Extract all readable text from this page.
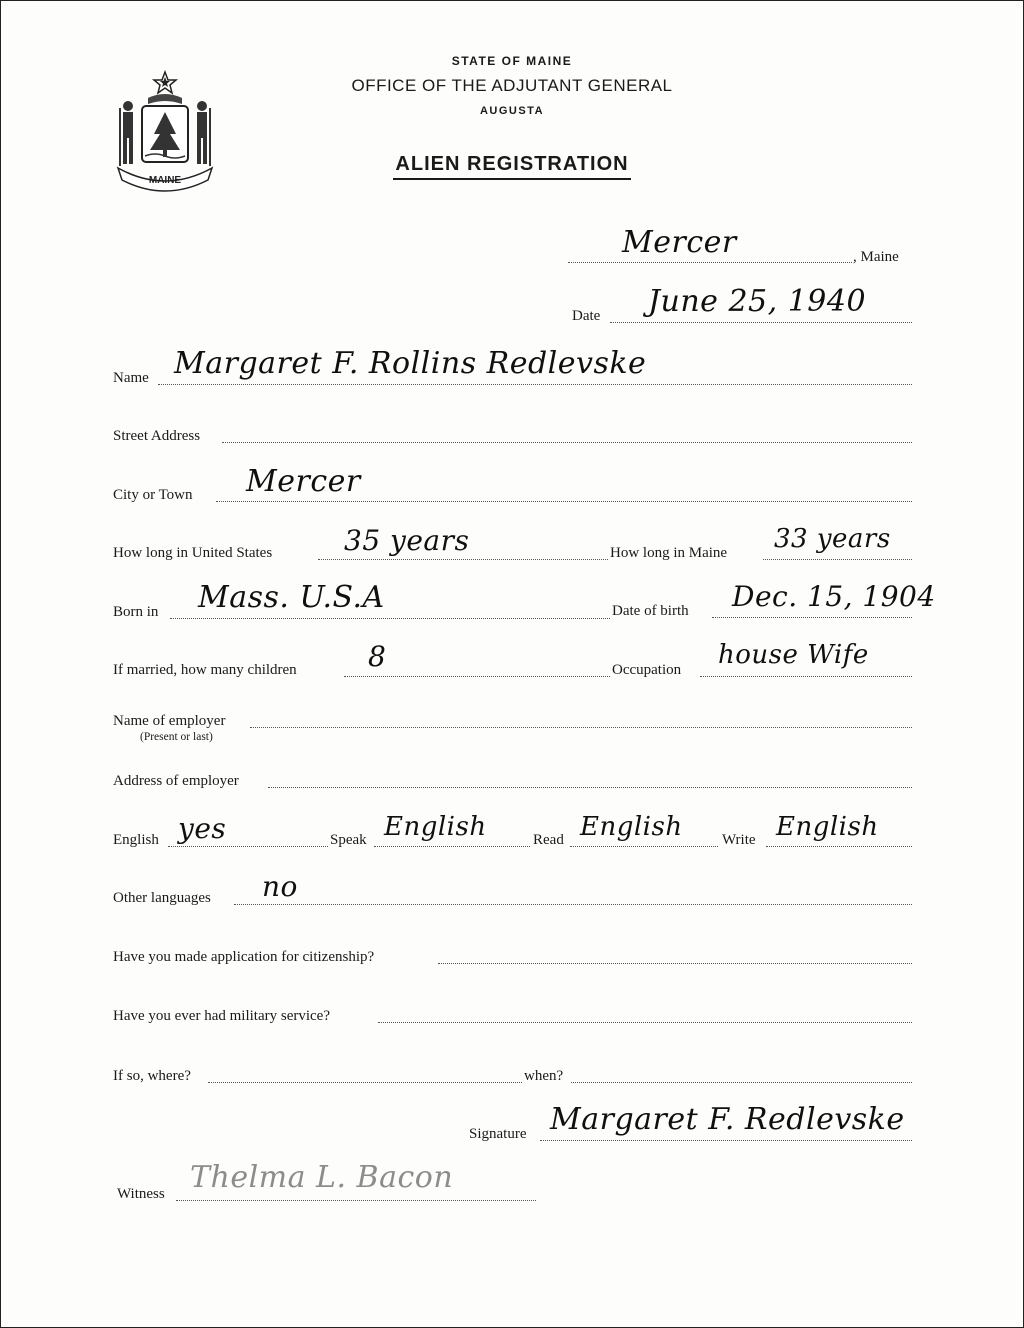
MAINE
STATE OF MAINE
OFFICE OF THE ADJUTANT GENERAL
AUGUSTA
ALIEN REGISTRATION
Mercer	, Maine
Date June 25, 1940
Name Margaret F. Rollins Redlevske
Street Address
City or Town Mercer
How long in United States	35 years	How long in Maine 33 years
Born in Mass. U.S.A	Date of birth Dec. 15, 1904
If married, how many children	8	Occupation house Wife
Name of employer
(Present or last)
Address of employer
English yes	Speak English	Read English	Write English
Other languages no
Have you made application for citizenship?
Have you ever had military service?
If so, where?	when?
Signature Margaret F. Redlevske
Witness Thelma L. Bacon
